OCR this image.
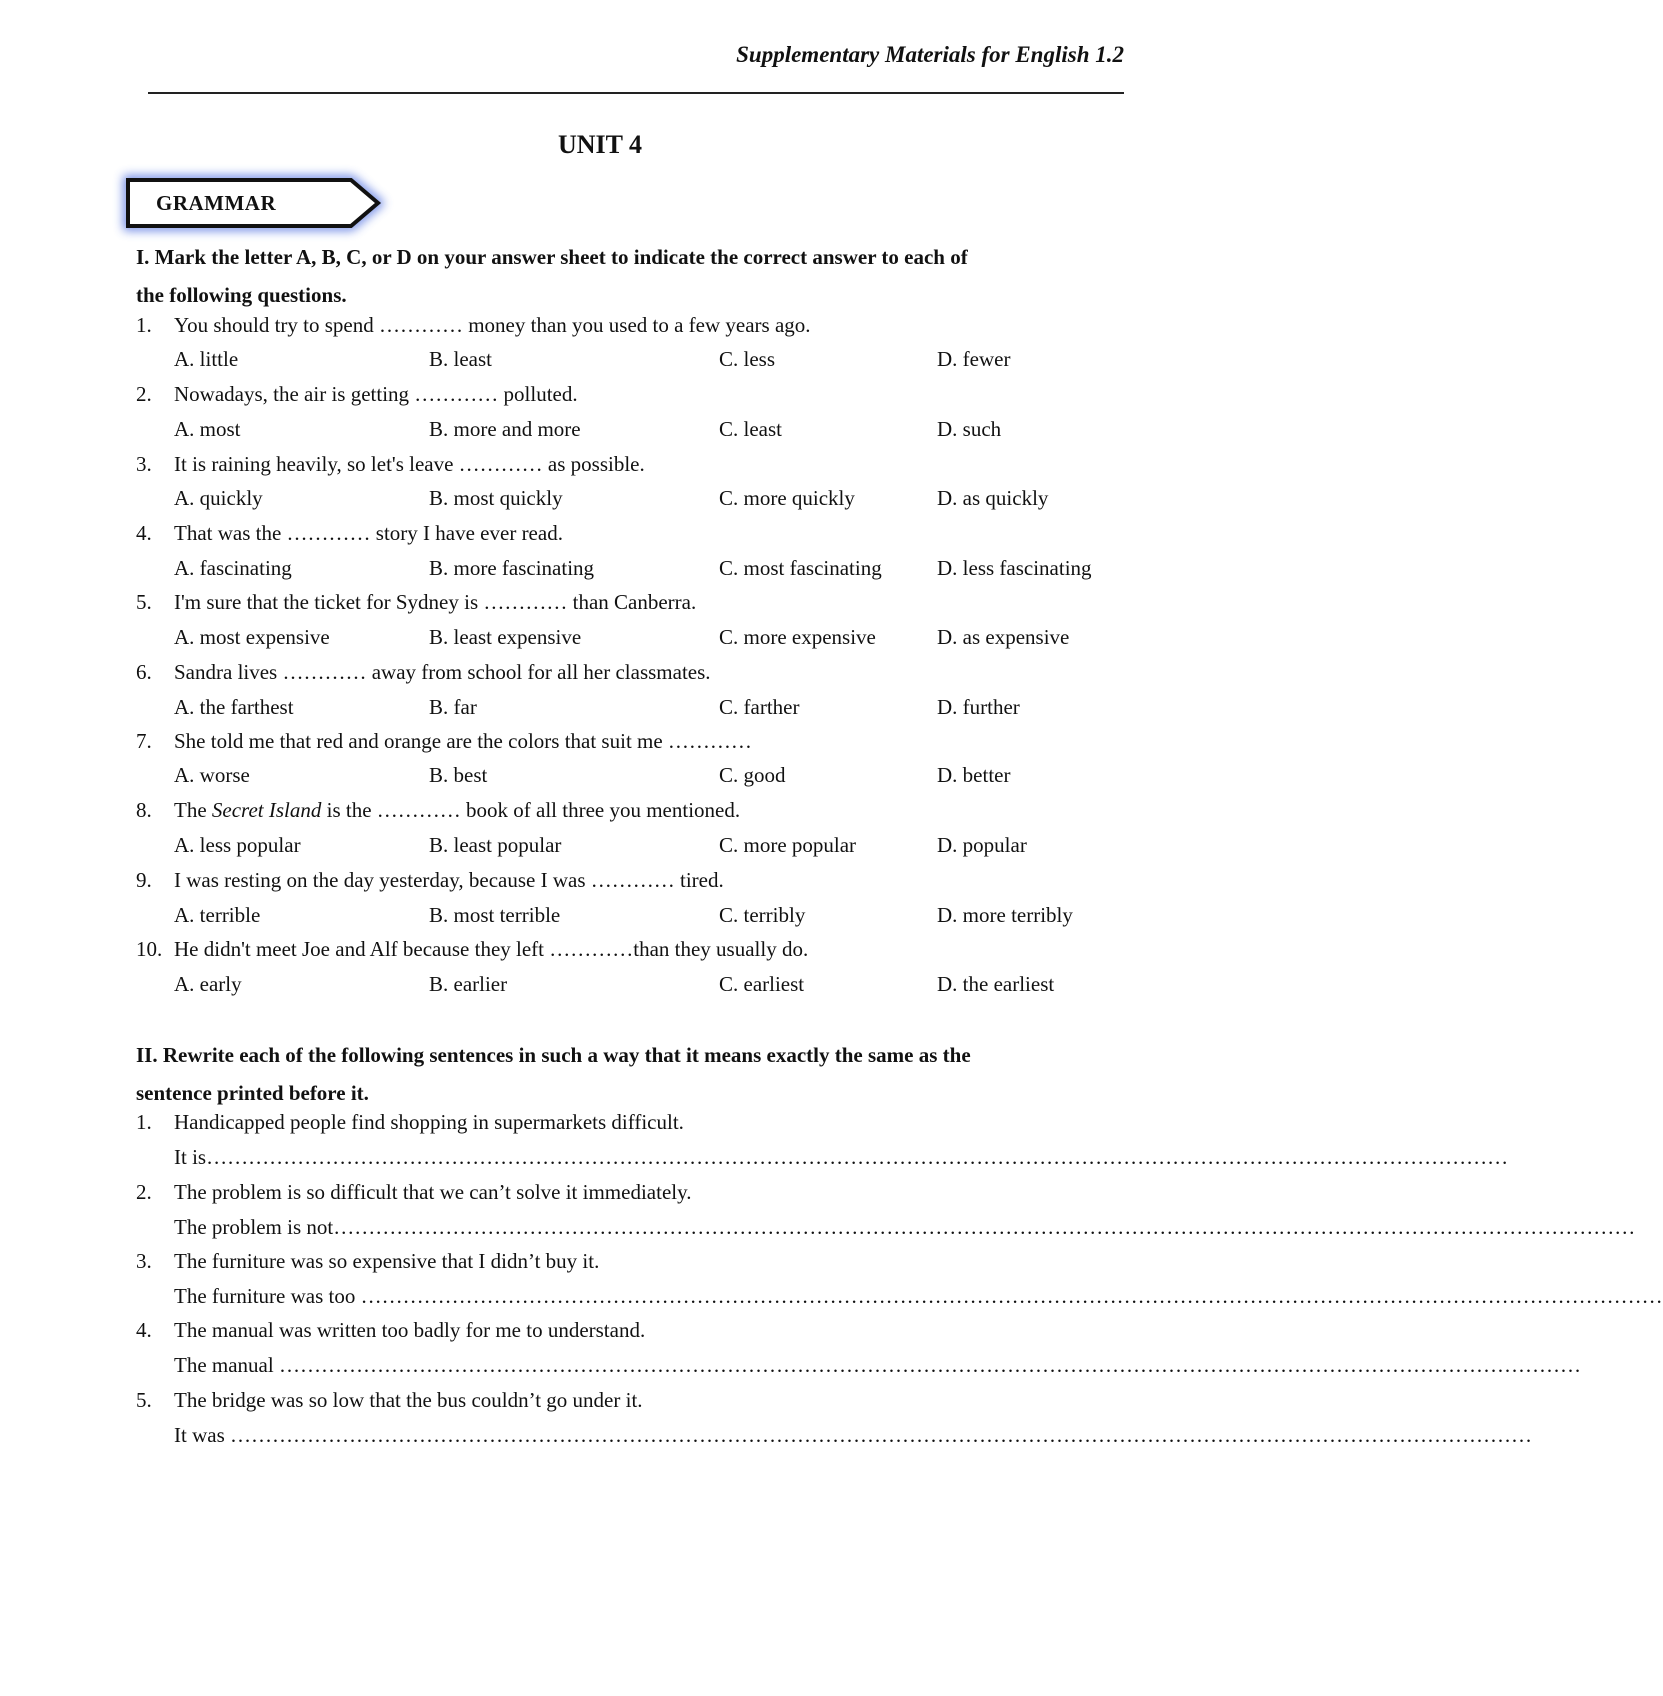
Supplementary Materials for English 1.2
UNIT 4
GRAMMAR
I. Mark the letter A, B, C, or D on your answer sheet to indicate the correct answer to each of
the following questions.
1. You should try to spend ………… money than you used to a few years ago.
A. little	B. least	C. less	D. fewer
2. Nowadays, the air is getting ………… polluted.
A. most	B. more and more	C. least	D. such
3. It is raining heavily, so let's leave ………… as possible.
A. quickly	B. most quickly	C. more quickly	D. as quickly
4. That was the ………… story I have ever read.
A. fascinating	B. more fascinating	C. most fascinating	D. less fascinating
5. I'm sure that the ticket for Sydney is ………… than Canberra.
A. most expensive	B. least expensive	C. more expensive	D. as expensive
6. Sandra lives ………… away from school for all her classmates.
A. the farthest	B. far	C. farther	D. further
7. She told me that red and orange are the colors that suit me …………
A. worse	B. best	C. good	D. better
8. The Secret Island is the ………… book of all three you mentioned.
A. less popular	B. least popular	C. more popular	D. popular
9. I was resting on the day yesterday, because I was ………… tired.
A. terrible	B. most terrible	C. terribly	D. more terribly
10. He didn't meet Joe and Alf because they left …………than they usually do.
A. early	B. earlier	C. earliest	D. the earliest
II. Rewrite each of the following sentences in such a way that it means exactly the same as the
sentence printed before it.
1. Handicapped people find shopping in supermarkets difficult.
It is……………………………………………………………………………………………………………………………………………………………………
2. The problem is so difficult that we can’t solve it immediately.
The problem is not……………………………………………………………………………………………………………………………………………………………………
3. The furniture was so expensive that I didn’t buy it.
The furniture was too ……………………………………………………………………………………………………………………………………………………………………
4. The manual was written too badly for me to understand.
The manual ……………………………………………………………………………………………………………………………………………………………………
5. The bridge was so low that the bus couldn’t go under it.
It was ……………………………………………………………………………………………………………………………………………………………………
